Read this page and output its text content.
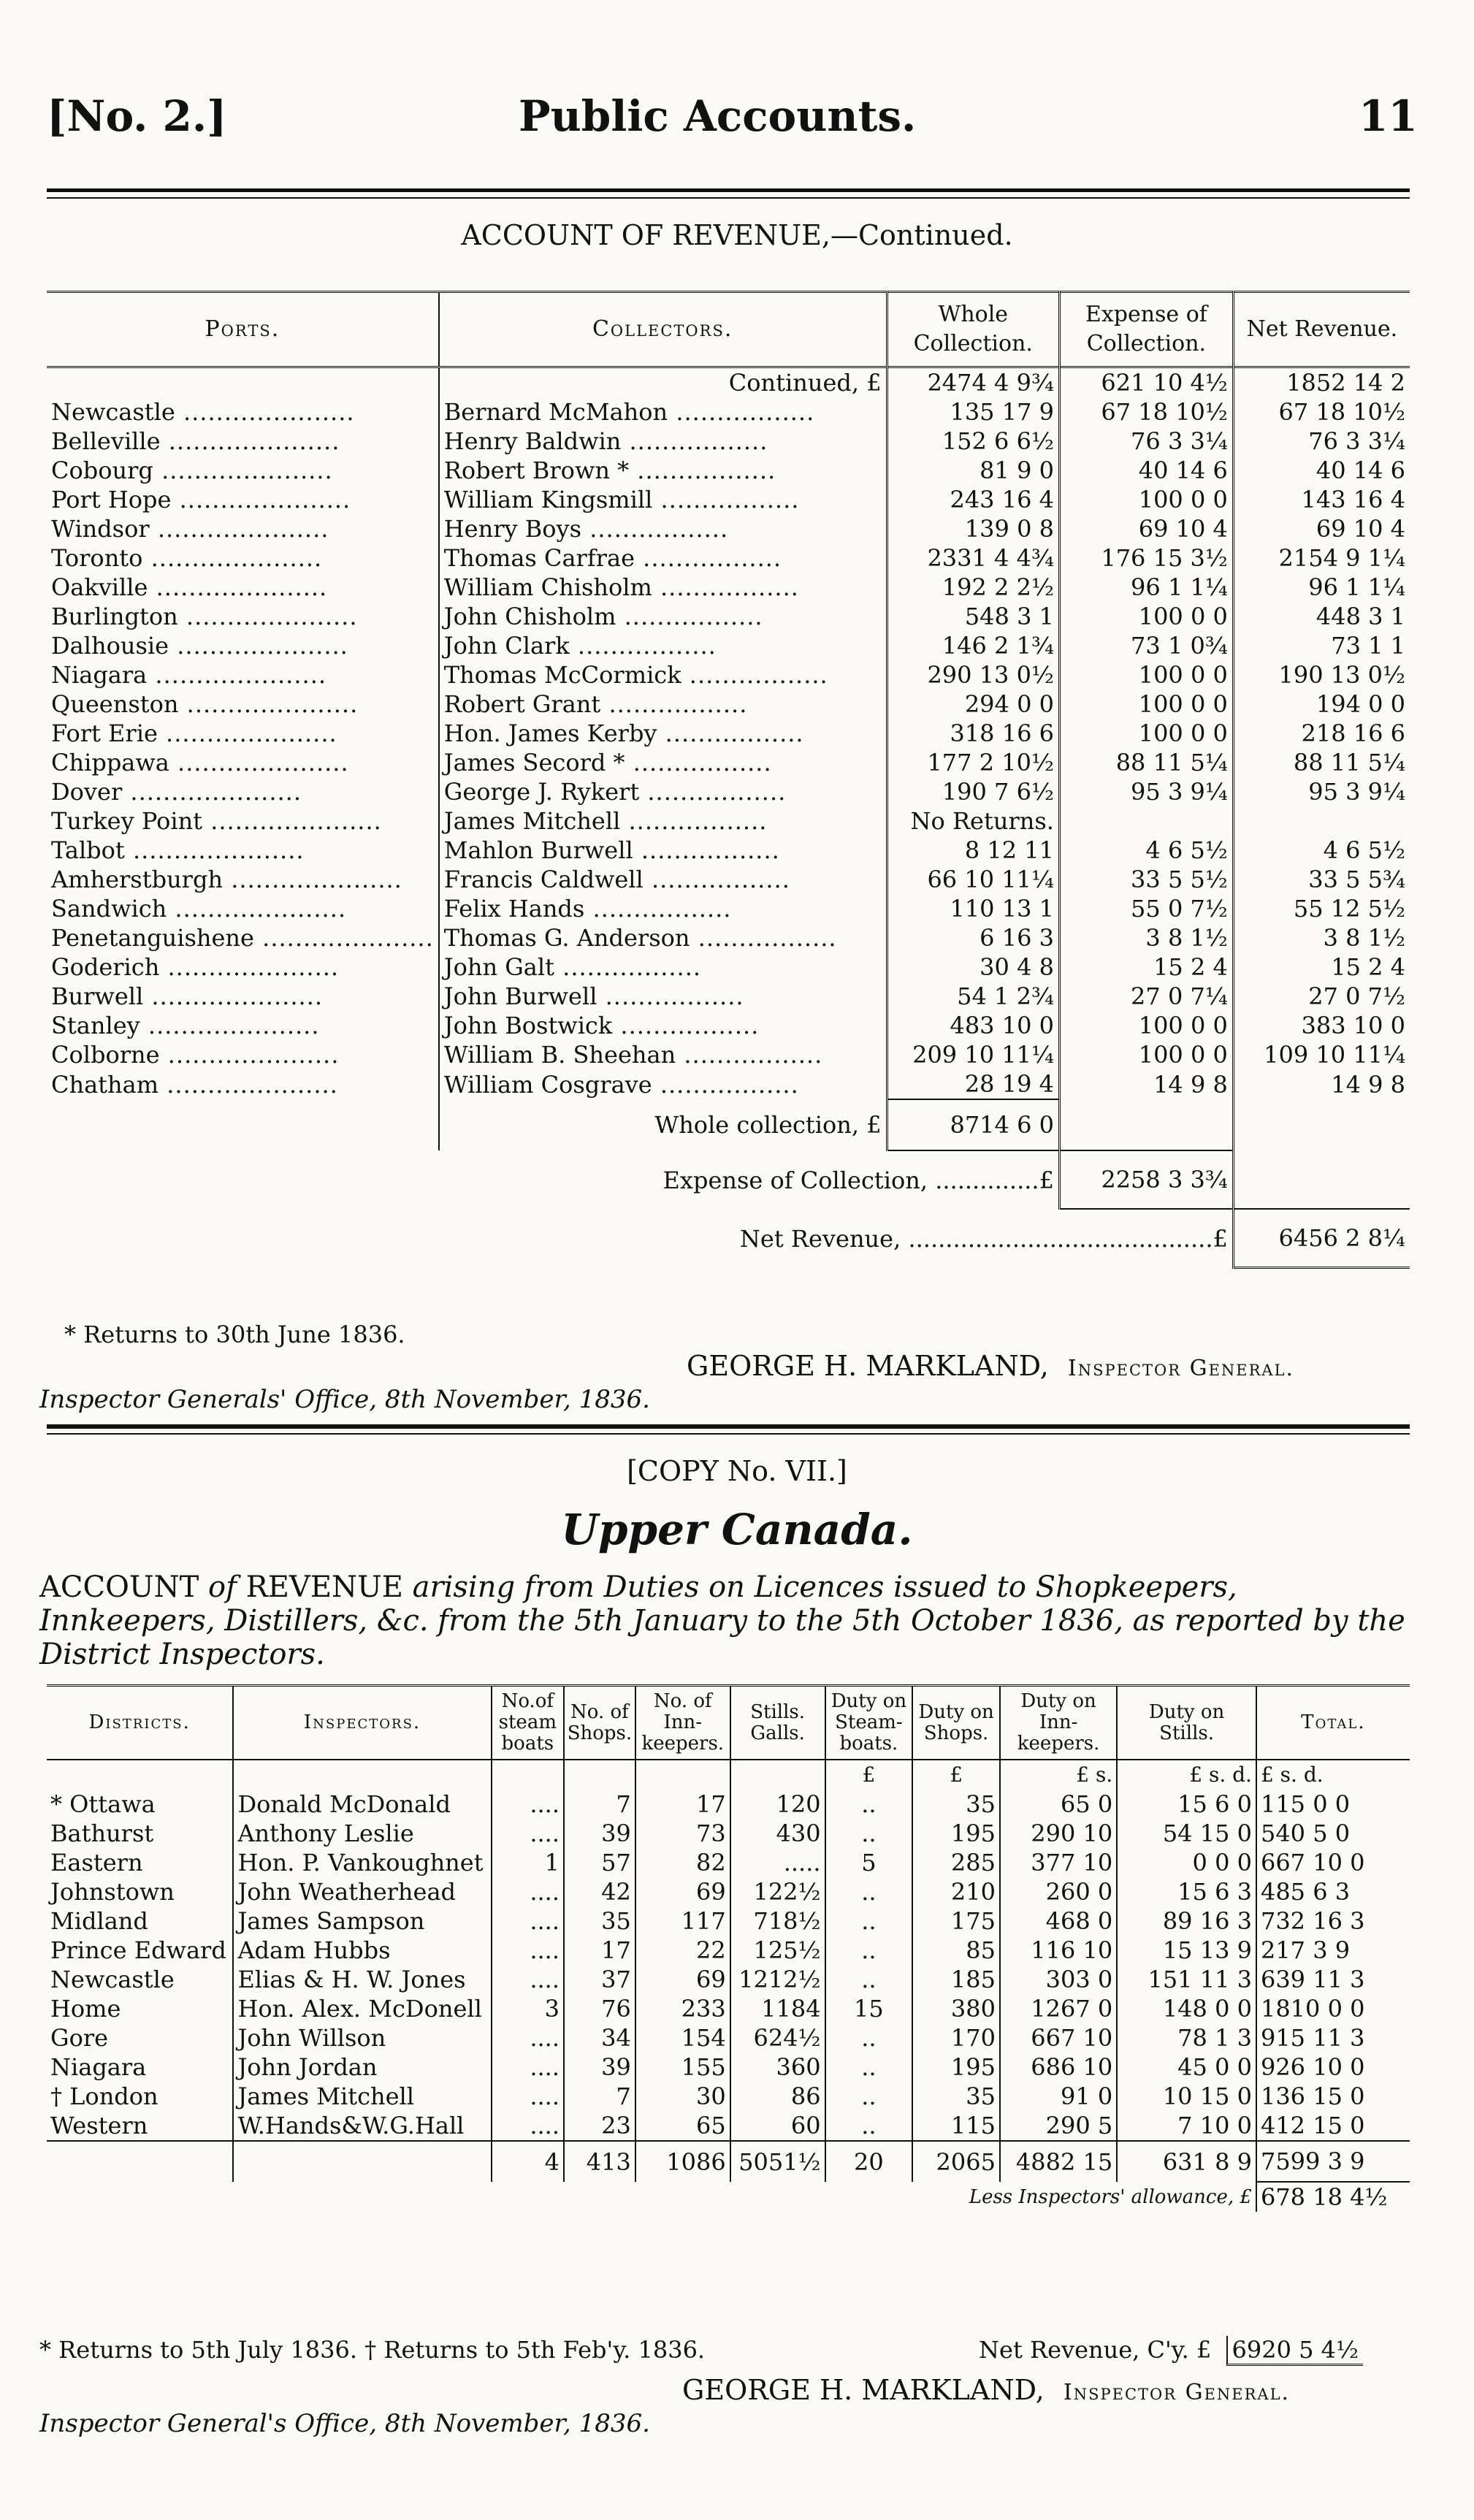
[No. 2.]	Public Accounts.	11
ACCOUNT OF REVENUE,—Continued.
Ports.	Collectors.	Whole Collection.	Expense of Collection.	Net Revenue.
	Continued, £	2474 4 9¾	621 10 4½	1852 14 2
Newcastle .....................	Bernard McMahon .................	135 17 9	67 18 10½	67 18 10½
Belleville .....................	Henry Baldwin .................	152 6 6½	76 3 3¼	76 3 3¼
Cobourg .....................	Robert Brown * .................	81 9 0	40 14 6	40 14 6
Port Hope .....................	William Kingsmill .................	243 16 4	100 0 0	143 16 4
Windsor .....................	Henry Boys .................	139 0 8	69 10 4	69 10 4
Toronto .....................	Thomas Carfrae .................	2331 4 4¾	176 15 3½	2154 9 1¼
Oakville .....................	William Chisholm .................	192 2 2½	96 1 1¼	96 1 1¼
Burlington .....................	John Chisholm .................	548 3 1	100 0 0	448 3 1
Dalhousie .....................	John Clark .................	146 2 1¾	73 1 0¾	73 1 1
Niagara .....................	Thomas McCormick .................	290 13 0½	100 0 0	190 13 0½
Queenston .....................	Robert Grant .................	294 0 0	100 0 0	194 0 0
Fort Erie .....................	Hon. James Kerby .................	318 16 6	100 0 0	218 16 6
Chippawa .....................	James Secord * .................	177 2 10½	88 11 5¼	88 11 5¼
Dover .....................	George J. Rykert .................	190 7 6½	95 3 9¼	95 3 9¼
Turkey Point .....................	James Mitchell .................	No Returns.		
Talbot .....................	Mahlon Burwell .................	8 12 11	4 6 5½	4 6 5½
Amherstburgh .....................	Francis Caldwell .................	66 10 11¼	33 5 5½	33 5 5¾
Sandwich .....................	Felix Hands .................	110 13 1	55 0 7½	55 12 5½
Penetanguishene .....................	Thomas G. Anderson .................	6 16 3	3 8 1½	3 8 1½
Goderich .....................	John Galt .................	30 4 8	15 2 4	15 2 4
Burwell .....................	John Burwell .................	54 1 2¾	27 0 7¼	27 0 7½
Stanley .....................	John Bostwick .................	483 10 0	100 0 0	383 10 0
Colborne .....................	William B. Sheehan .................	209 10 11¼	100 0 0	109 10 11¼
Chatham .....................	William Cosgrave .................	28 19 4	14 9 8	14 9 8
	Whole collection, £	8714 6 0		
	Expense of Collection, ..............£		2258 3 3¾	
Net Revenue, .........................................£				6456 2 8¼
* Returns to 30th June 1836.
GEORGE H. MARKLAND, Inspector General.
Inspector Generals' Office, 8th November, 1836.
[COPY No. VII.]
Upper Canada.
ACCOUNT of REVENUE arising from Duties on Licences issued to Shopkeepers, Innkeepers, Distillers, &c. from the 5th January to the 5th October 1836, as reported by the District Inspectors.
Districts.	Inspectors.	No.of steam boats	No. of Shops.	No. of Inn-keepers.	Stills. Galls.	Duty on Steam-boats.	Duty on Shops.	Duty on Inn-keepers.	Duty on Stills.	Total.
						£	£	£ s.	£ s. d.	£ s. d.
* Ottawa	Donald McDonald	....	7	17	120	..	35	65 0	15 6 0	115 0 0
Bathurst	Anthony Leslie	....	39	73	430	..	195	290 10	54 15 0	540 5 0
Eastern	Hon. P. Vankoughnet	1	57	82	.....	5	285	377 10	0 0 0	667 10 0
Johnstown	John Weatherhead	....	42	69	122½	..	210	260 0	15 6 3	485 6 3
Midland	James Sampson	....	35	117	718½	..	175	468 0	89 16 3	732 16 3
Prince Edward	Adam Hubbs	....	17	22	125½	..	85	116 10	15 13 9	217 3 9
Newcastle	Elias & H. W. Jones	....	37	69	1212½	..	185	303 0	151 11 3	639 11 3
Home	Hon. Alex. McDonell	3	76	233	1184	15	380	1267 0	148 0 0	1810 0 0
Gore	John Willson	....	34	154	624½	..	170	667 10	78 1 3	915 11 3
Niagara	John Jordan	....	39	155	360	..	195	686 10	45 0 0	926 10 0
† London	James Mitchell	....	7	30	86	..	35	91 0	10 15 0	136 15 0
Western	W.Hands&W.G.Hall	....	23	65	60	..	115	290 5	7 10 0	412 15 0
		4	413	1086	5051½	20	2065	4882 15	631 8 9	7599 3 9
Less Inspectors' allowance, £										678 18 4½
* Returns to 5th July 1836. † Returns to 5th Feb'y. 1836.	Net Revenue, C'y. £ 6920 5 4½
GEORGE H. MARKLAND, Inspector General.
Inspector General's Office, 8th November, 1836.
